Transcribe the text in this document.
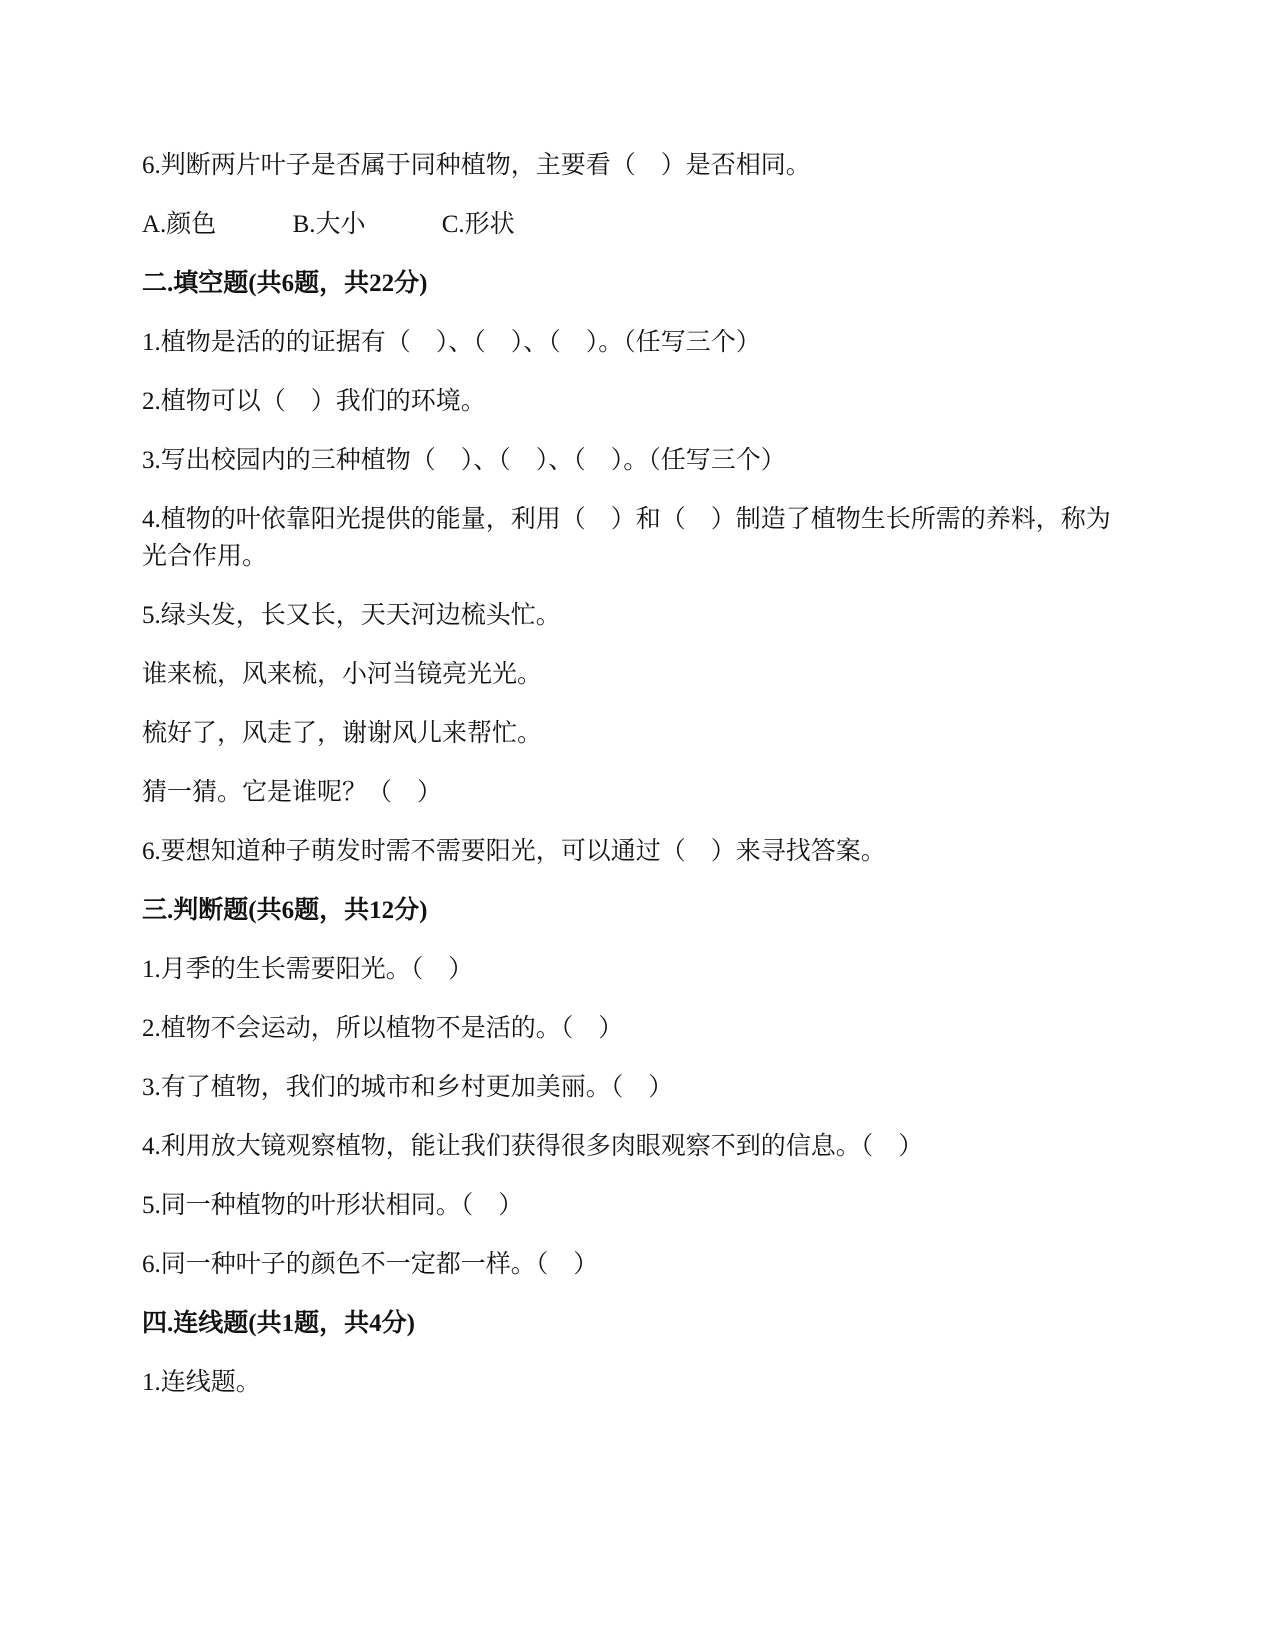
6.判断两片叶子是否属于同种植物，主要看（　）是否相同。

A.颜色	B.大小	C.形状

二.填空题(共6题，共22分)

1.植物是活的的证据有（　）、（　）、（　）。（任写三个）

2.植物可以（　）我们的环境。

3.写出校园内的三种植物（　）、（　）、（　）。（任写三个）

4.植物的叶依靠阳光提供的能量，利用（　）和（　）制造了植物生长所需的养料，称为光合作用。

5.绿头发，长又长，天天河边梳头忙。

谁来梳，风来梳，小河当镜亮光光。

梳好了，风走了，谢谢风儿来帮忙。

猜一猜。它是谁呢？（　）

6.要想知道种子萌发时需不需要阳光，可以通过（　）来寻找答案。

三.判断题(共6题，共12分)

1.月季的生长需要阳光。（　）

2.植物不会运动，所以植物不是活的。（　）

3.有了植物，我们的城市和乡村更加美丽。（　）

4.利用放大镜观察植物，能让我们获得很多肉眼观察不到的信息。（　）

5.同一种植物的叶形状相同。（　）

6.同一种叶子的颜色不一定都一样。（　）

四.连线题(共1题，共4分)

1.连线题。
